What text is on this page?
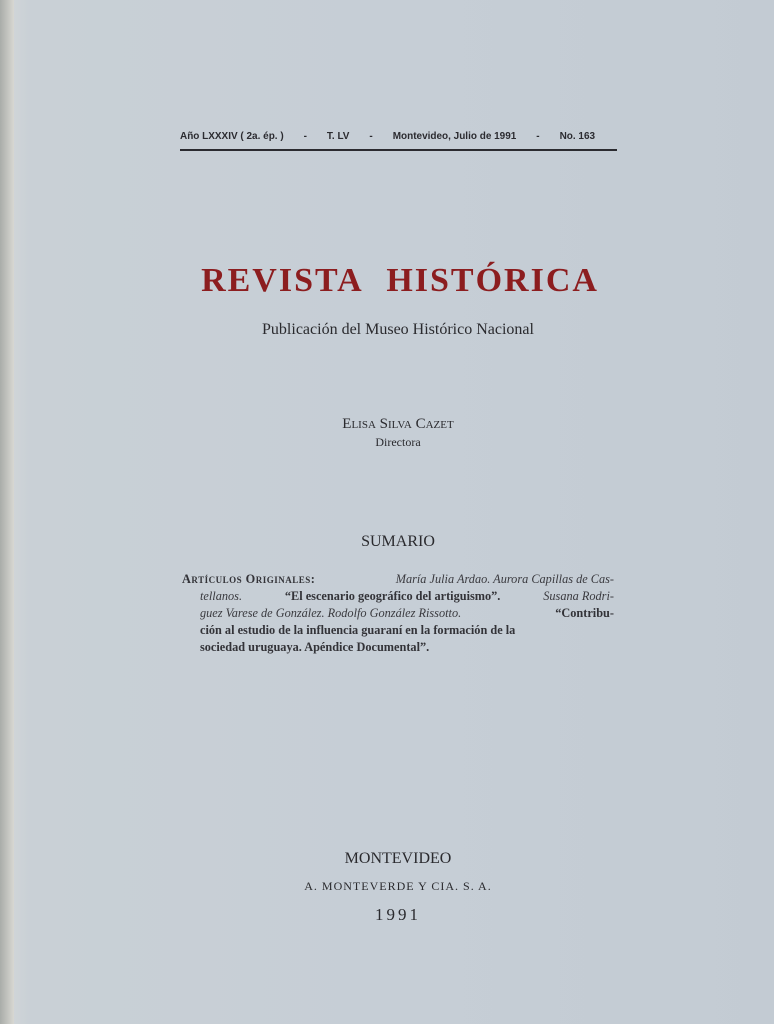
Año LXXXIV ( 2a. ép. ) - T. LV - Montevideo, Julio de 1991 - No. 163
REVISTA HISTÓRICA
Publicación del Museo Histórico Nacional
Elisa Silva Cazet
Directora
SUMARIO
Artículos Originales:	María Julia Ardao. Aurora Capillas de Cas-
tellanos.	“El escenario geográfico del artiguismo”.	Susana Rodri-
guez Varese de González. Rodolfo González Rissotto.	“Contribu-
ción al estudio de la influencia guaraní en la formación de la
sociedad uruguaya. Apéndice Documental”.
MONTEVIDEO
A. MONTEVERDE Y CIA. S. A.
1991
